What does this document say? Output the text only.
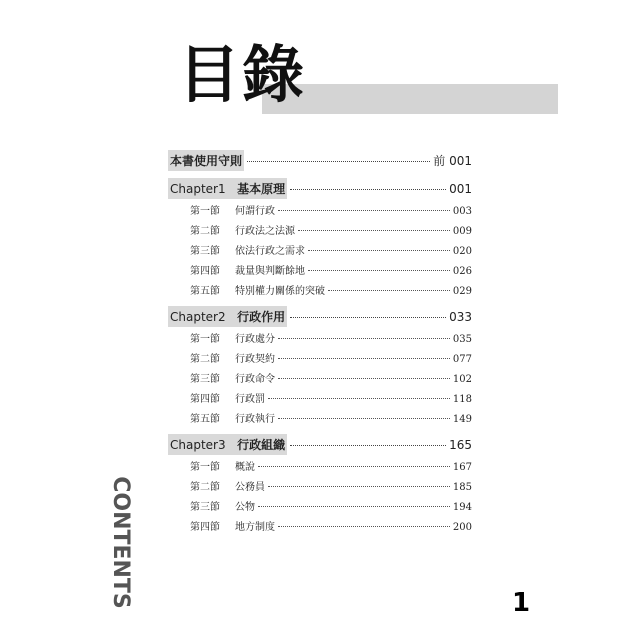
目錄
本書使用守則	前 001
Chapter1 基本原理	001
第一節	何謂行政	003
第二節	行政法之法源	009
第三節	依法行政之需求	020
第四節	裁量與判斷餘地	026
第五節	特別權力關係的突破	029
Chapter2 行政作用	033
第一節	行政處分	035
第二節	行政契約	077
第三節	行政命令	102
第四節	行政罰	118
第五節	行政執行	149
Chapter3 行政組織	165
第一節	概說	167
第二節	公務員	185
第三節	公物	194
第四節	地方制度	200
CONTENTS	1
